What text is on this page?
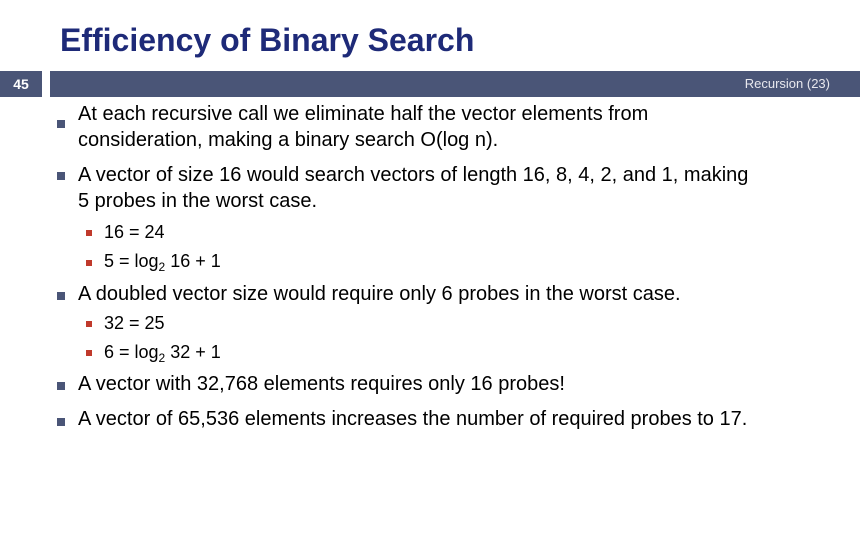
Efficiency of Binary Search
45	Recursion (23)
At each recursive call we eliminate half the vector elements from
consideration, making a binary search O(log n).
A vector of size 16 would search vectors of length 16, 8, 4, 2, and 1, making
5 probes in the worst case.
16 = 24
$5 = \log_2 16 + 1$
A doubled vector size would require only 6 probes in the worst case.
32 = 25
$6 = \log_2 32 + 1$
A vector with 32,768 elements requires only 16 probes!
A vector of 65,536 elements increases the number of required probes to 17.
